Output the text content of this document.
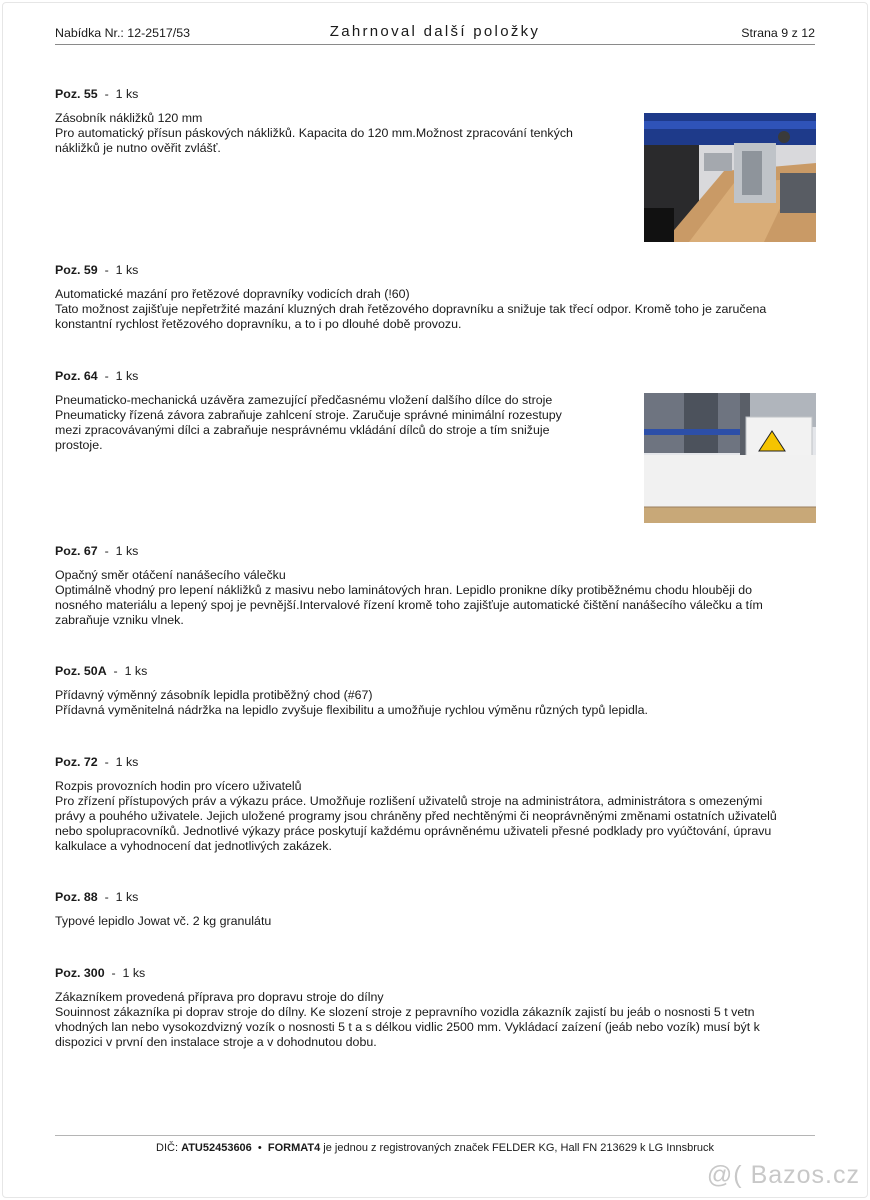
Nabídka Nr.: 12-2517/53	Zahrnoval další položky	Strana 9 z 12
Poz. 55  -  1 ks
Zásobník nákližků 120 mm
Pro automatický přísun páskových nákližků. Kapacita do 120 mm.Možnost zpracování tenkých
nákližků je nutno ověřit zvlášť.
Poz. 59  -  1 ks
Automatické mazání pro řetězové dopravníky vodicích drah (!60)
Tato možnost zajišťuje nepřetržité mazání kluzných drah řetězového dopravníku a snižuje tak třecí odpor. Kromě toho je zaručena
konstantní rychlost řetězového dopravníku, a to i po dlouhé době provozu.
Poz. 64  -  1 ks
Pneumaticko-mechanická uzávěra zamezující předčasnému vložení dalšího dílce do stroje
Pneumaticky řízená závora zabraňuje zahlcení stroje. Zaručuje správné minimální rozestupy
mezi zpracovávanými dílci a zabraňuje nesprávnému vkládání dílců do stroje a tím snižuje
prostoje.
Poz. 67  -  1 ks
Opačný směr otáčení nanášecího válečku
Optimálně vhodný pro lepení nákližků z masivu nebo laminátových hran. Lepidlo pronikne díky protiběžnému chodu hlouběji do
nosného materiálu a lepený spoj je pevnější.Intervalové řízení kromě toho zajišťuje automatické čištění nanášecího válečku a tím
zabraňuje vzniku vlnek.
Poz. 50A  -  1 ks
Přídavný výměnný zásobník lepidla protiběžný chod (#67)
Přídavná vyměnitelná nádržka na lepidlo zvyšuje flexibilitu a umožňuje rychlou výměnu různých typů lepidla.
Poz. 72  -  1 ks
Rozpis provozních hodin pro vícero uživatelů
Pro zřízení přístupových práv a výkazu práce. Umožňuje rozlišení uživatelů stroje na administrátora, administrátora s omezenými
právy a pouhého uživatele. Jejich uložené programy jsou chráněny před nechtěnými či neoprávněnými změnami ostatních uživatelů
nebo spolupracovníků. Jednotlivé výkazy práce poskytují každému oprávněnému uživateli přesné podklady pro vyúčtování, úpravu
kalkulace a vyhodnocení dat jednotlivých zakázek.
Poz. 88  -  1 ks
Typové lepidlo Jowat vč. 2 kg granulátu
Poz. 300  -  1 ks
Zákazníkem provedená příprava pro dopravu stroje do dílny
Souinnost zákazníka pi doprav stroje do dílny. Ke slození stroje z pepravního vozidla zákazník zajistí bu jeáb o nosnosti 5 t vetn
vhodných lan nebo vysokozdvizný vozík o nosnosti 5 t a s délkou vidlic 2500 mm. Vykládací zaízení (jeáb nebo vozík) musí být k
dispozici v první den instalace stroje a v dohodnutou dobu.
DIČ: ATU52453606  •  FORMAT4 je jednou z registrovaných značek FELDER KG, Hall FN 213629 k LG Innsbruck
@( Bazos.cz
